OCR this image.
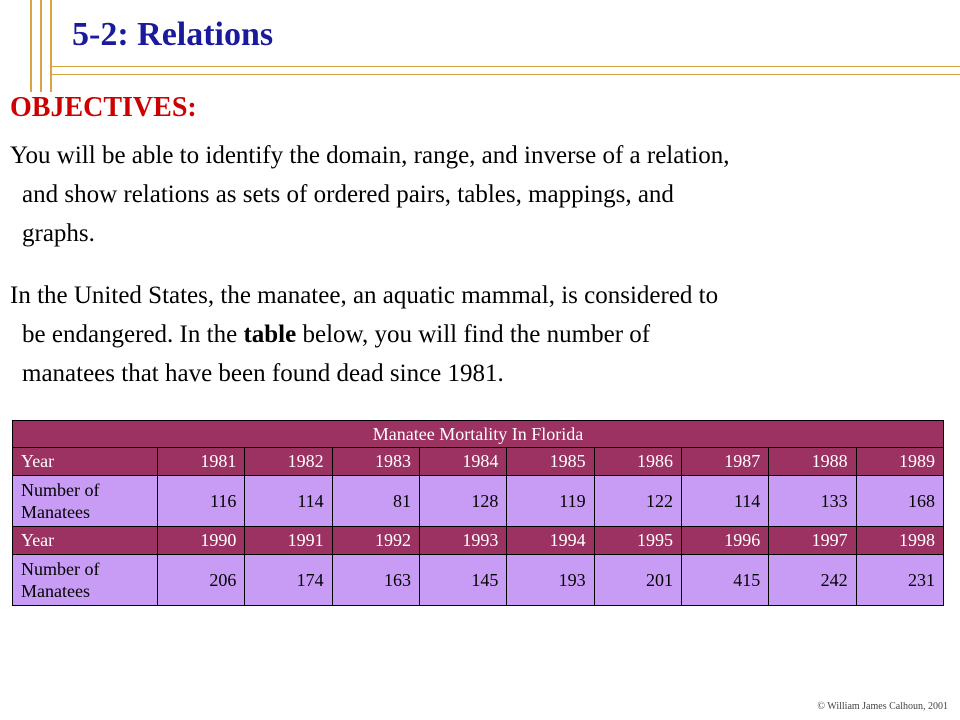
5-2: Relations
OBJECTIVES:
You will be able to identify the domain, range, and inverse of a relation,
and show relations as sets of ordered pairs, tables, mappings, and
graphs.
In the United States, the manatee, an aquatic mammal, is considered to
be endangered. In the table below, you will find the number of
manatees that have been found dead since 1981.
Manatee Mortality In Florida									
Year	1981	1982	1983	1984	1985	1986	1987	1988	1989
Number of
Manatees	116	114	81	128	119	122	114	133	168
Year	1990	1991	1992	1993	1994	1995	1996	1997	1998
Number of
Manatees	206	174	163	145	193	201	415	242	231
© William James Calhoun, 2001
